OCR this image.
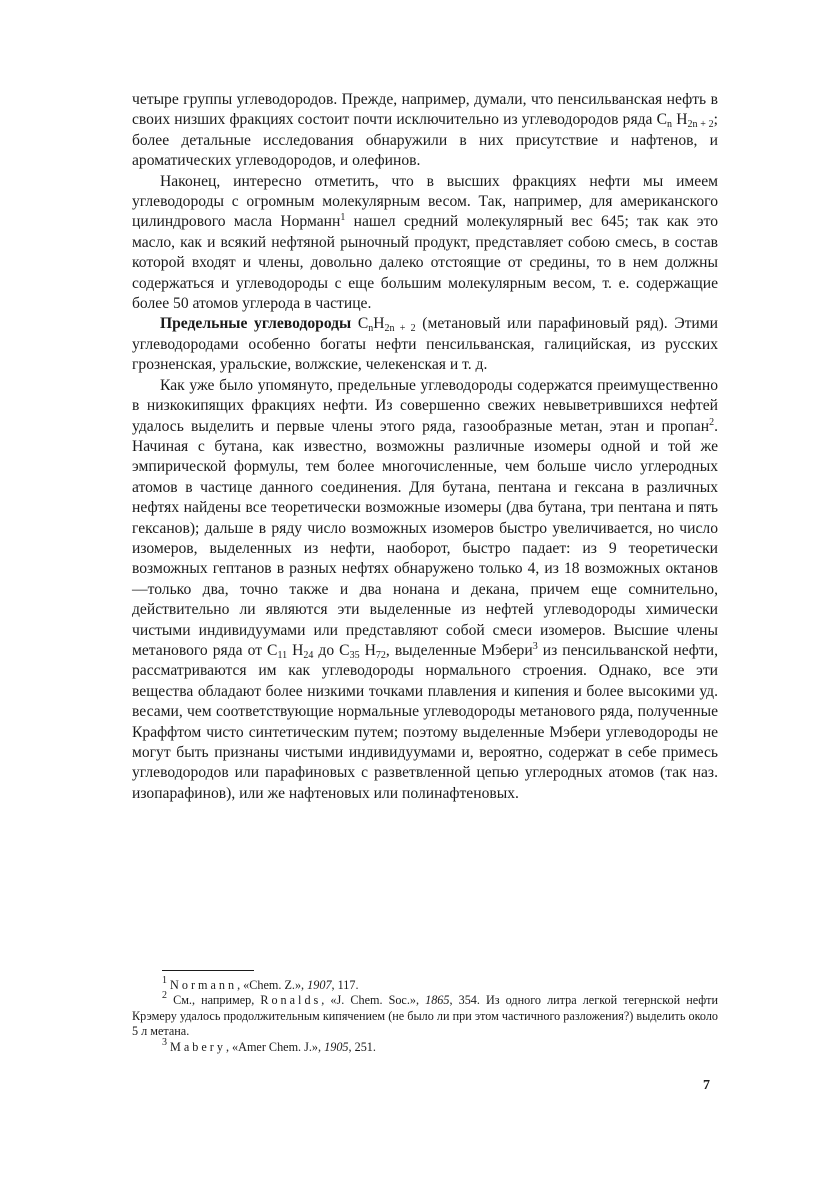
четыре группы углеводородов. Прежде, например, думали, что пенсильванская нефть в своих низших фракциях состоит почти исключительно из углеводородов ряда $C_n$ $H_{2n + 2}$; более детальные исследования обнаружили в них присутствие и нафтенов, и ароматических углеводородов, и олефинов.

Наконец, интересно отметить, что в высших фракциях нефти мы имеем углеводороды с огромным молекулярным весом. Так, например, для американского цилиндрового масла Норманн$^1$ нашел средний молекулярный вес 645; так как это масло, как и всякий нефтяной рыночный продукт, представляет собою смесь, в состав которой входят и члены, довольно далеко отстоящие от средины, то в нем должны содержаться и углеводороды с еще большим молекулярным весом, т. е. содержащие более 50 атомов углерода в частице.

Предельные углеводороды $C_nH_{2n + 2}$ (метановый или парафиновый ряд). Этими углеводородами особенно богаты нефти пенсильванская, галицийская, из русских грозненская, уральские, волжские, челекенская и т. д.

Как уже было упомянуто, предельные углеводороды содержатся преимущественно в низкокипящих фракциях нефти. Из совершенно свежих невыветрившихся нефтей удалось выделить и первые члены этого ряда, газообразные метан, этан и пропан$^2$. Начиная с бутана, как известно, возможны различные изомеры одной и той же эмпирической формулы, тем более многочисленные, чем больше число углеродных атомов в частице данного соединения. Для бутана, пентана и гексана в различных нефтях найдены все теоретически возможные изомеры (два бутана, три пентана и пять гексанов); дальше в ряду число возможных изомеров быстро увеличивается, но число изомеров, выделенных из нефти, наоборот, быстро падает: из 9 теоретически возможных гептанов в разных нефтях обнаружено только 4, из 18 возможных октанов—только два, точно также и два нонана и декана, причем еще сомнительно, действительно ли являются эти выделенные из нефтей углеводороды химически чистыми индивидуумами или представляют собой смеси изомеров. Высшие члены метанового ряда от $C_{11}$ $H_{24}$ до $C_{35}$ $H_{72}$, выделенные Мэбери$^3$ из пенсильванской нефти, рассматриваются им как углеводороды нормального строения. Однако, все эти вещества обладают более низкими точками плавления и кипения и более высокими уд. весами, чем соответствующие нормальные углеводороды метанового ряда, полученные Краффтом чисто синтетическим путем; поэтому выделенные Мэбери углеводороды не могут быть признаны чистыми индивидуумами и, вероятно, содержат в себе примесь углеводородов или парафиновых с разветвленной цепью углеродных атомов (так наз. изопарафинов), или же нафтеновых или полинафтеновых.

$^1$ Normann, «Chem. Z.», 1907, 117.

$^2$ См., например, Ronalds, «J. Chem. Soc.», 1865, 354. Из одного литра легкой тегернской нефти Крэмеру удалось продолжительным кипячением (не было ли при этом частичного разложения?) выделить около 5 л метана.

$^3$ Mabery, «Amer Chem. J.», 1905, 251.

7
